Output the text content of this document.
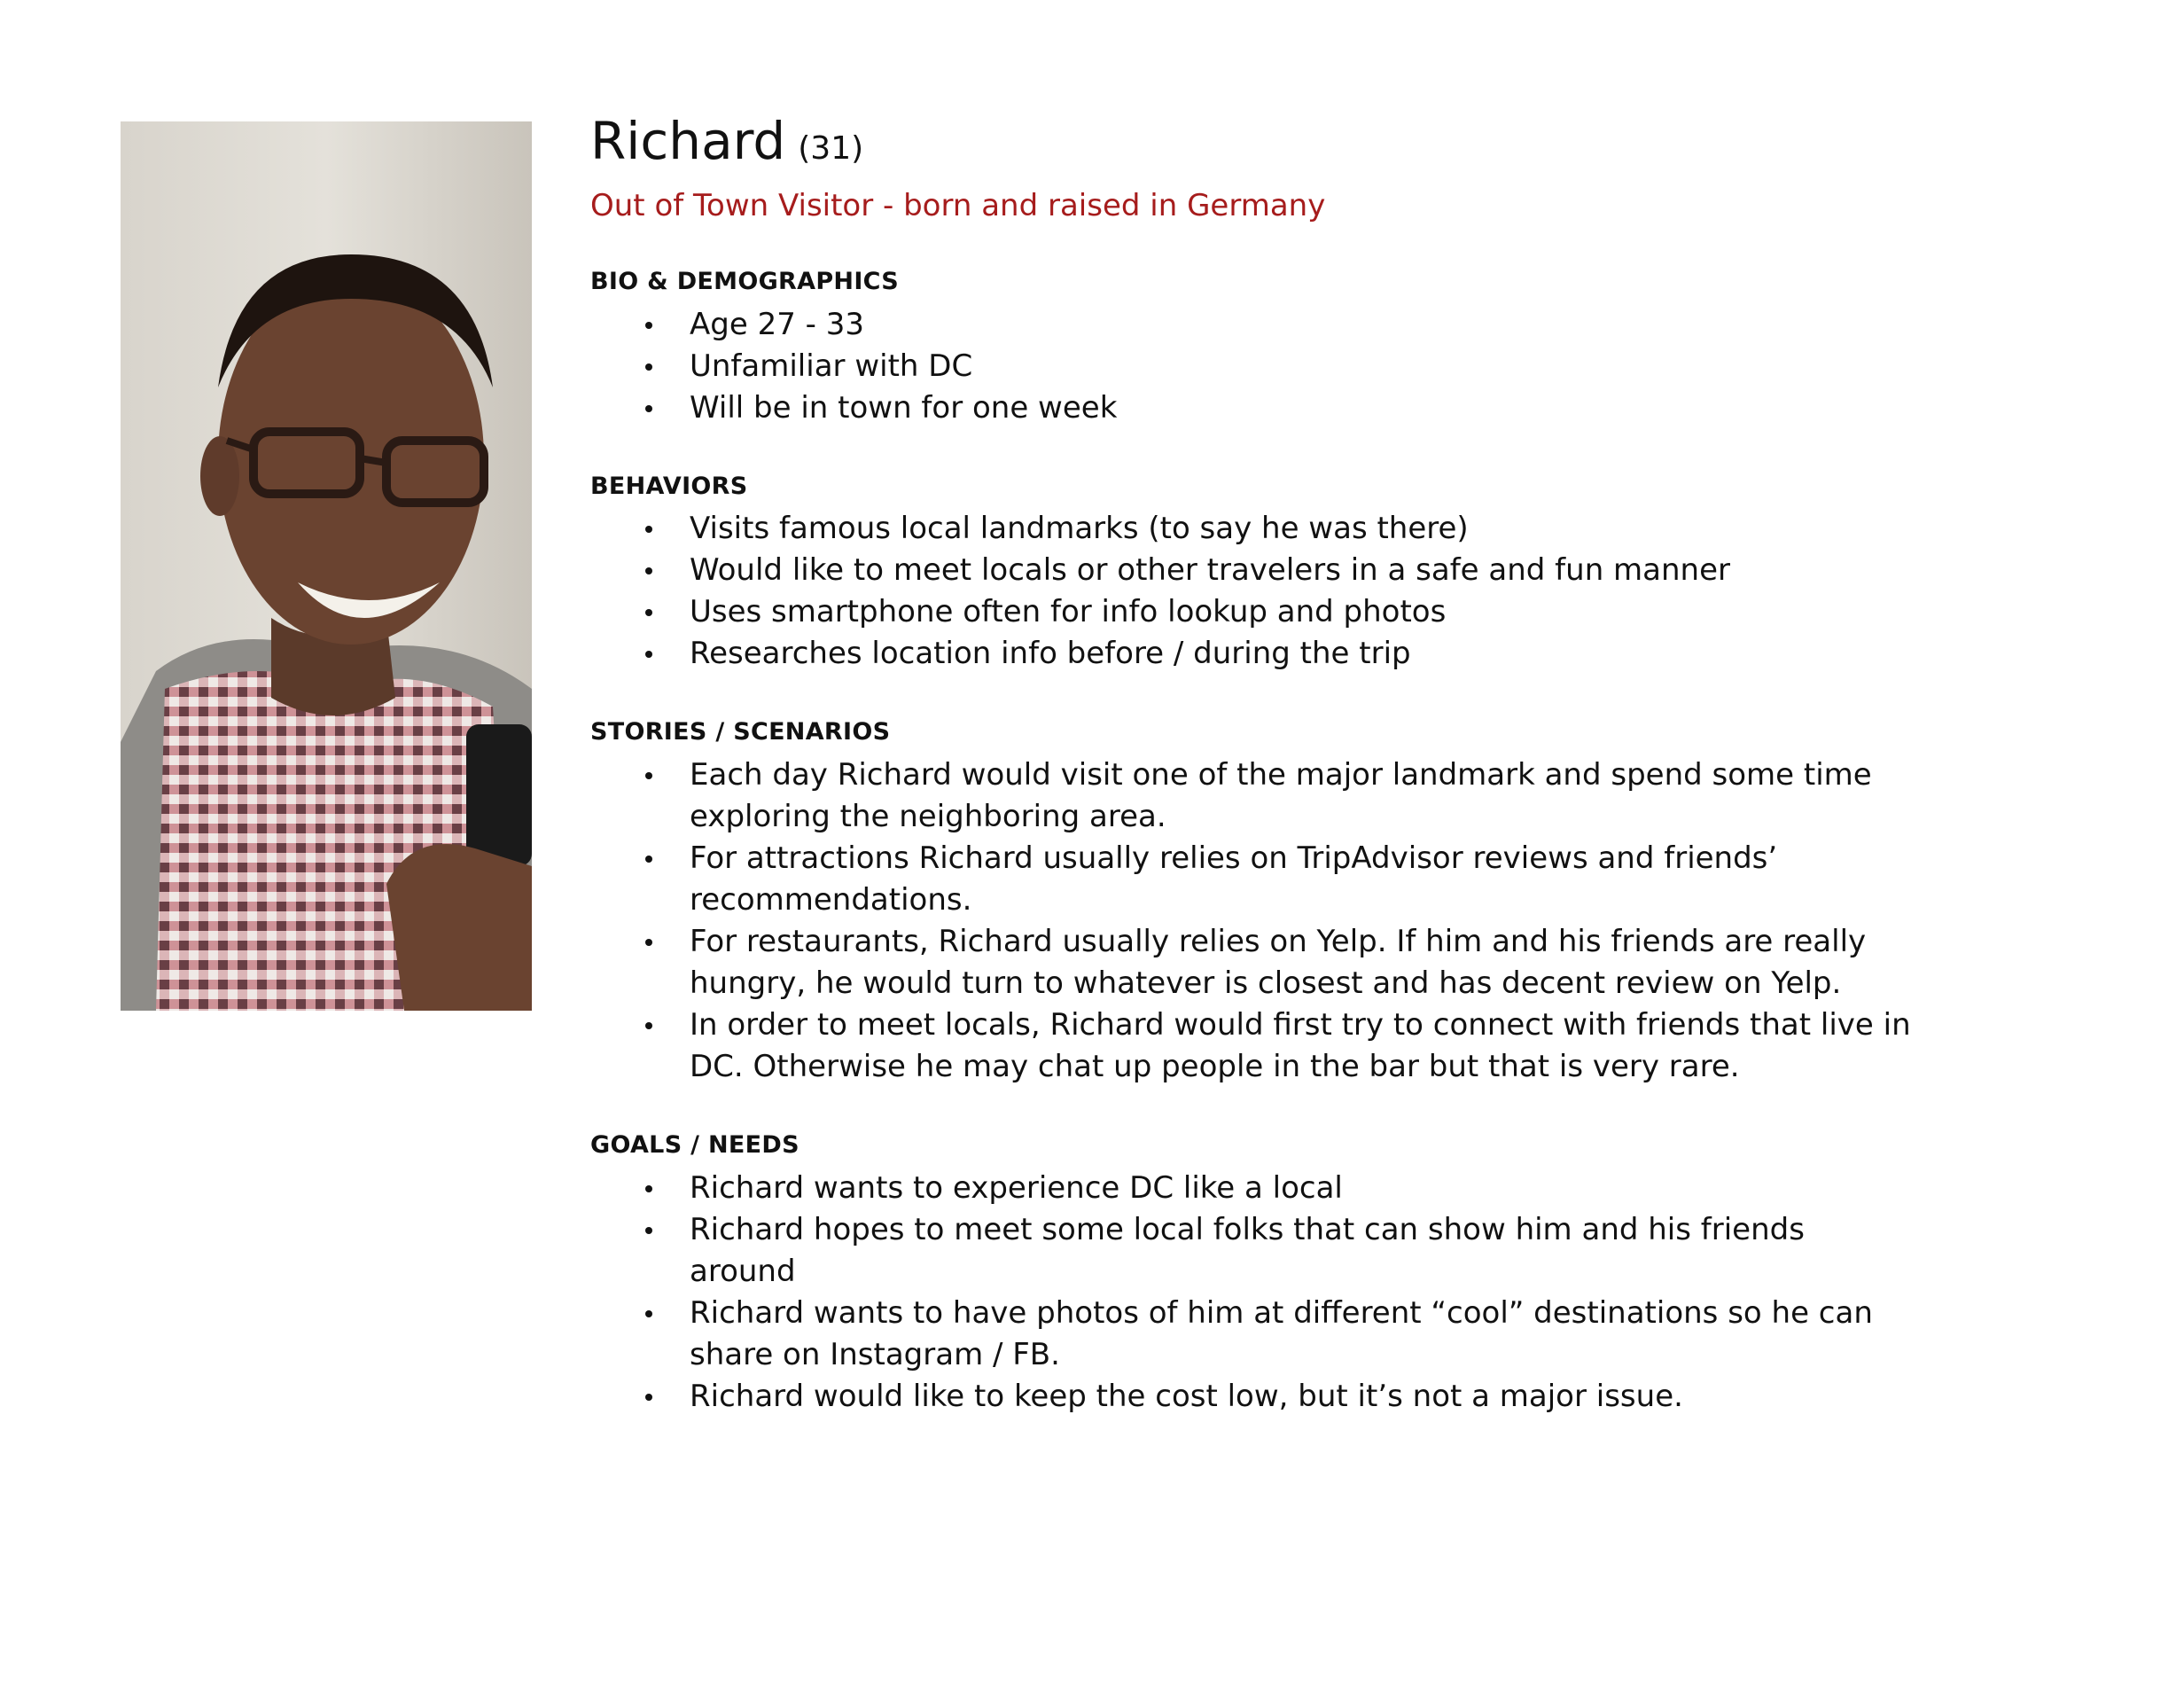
Richard (31)
Out of Town Visitor - born and raised in Germany
BIO & DEMOGRAPHICS
Age 27 - 33
Unfamiliar with DC
Will be in town for one week
BEHAVIORS
Visits famous local landmarks (to say he was there)
Would like to meet locals or other travelers in a safe and fun manner
Uses smartphone often for info lookup and photos
Researches location info before / during the trip
STORIES / SCENARIOS
Each day Richard would visit one of the major landmark and spend some time exploring the neighboring area.
For attractions Richard usually relies on TripAdvisor reviews and friends’ recommendations.
For restaurants, Richard usually relies on Yelp. If him and his friends are really hungry, he would turn to whatever is closest and has decent review on Yelp.
In order to meet locals, Richard would first try to connect with friends that live in DC. Otherwise he may chat up people in the bar but that is very rare.
GOALS / NEEDS
Richard wants to experience DC like a local
Richard hopes to meet some local folks that can show him and his friends around
Richard wants to have photos of him at different “cool” destinations so he can share on Instagram / FB.
Richard would like to keep the cost low, but it’s not a major issue.
